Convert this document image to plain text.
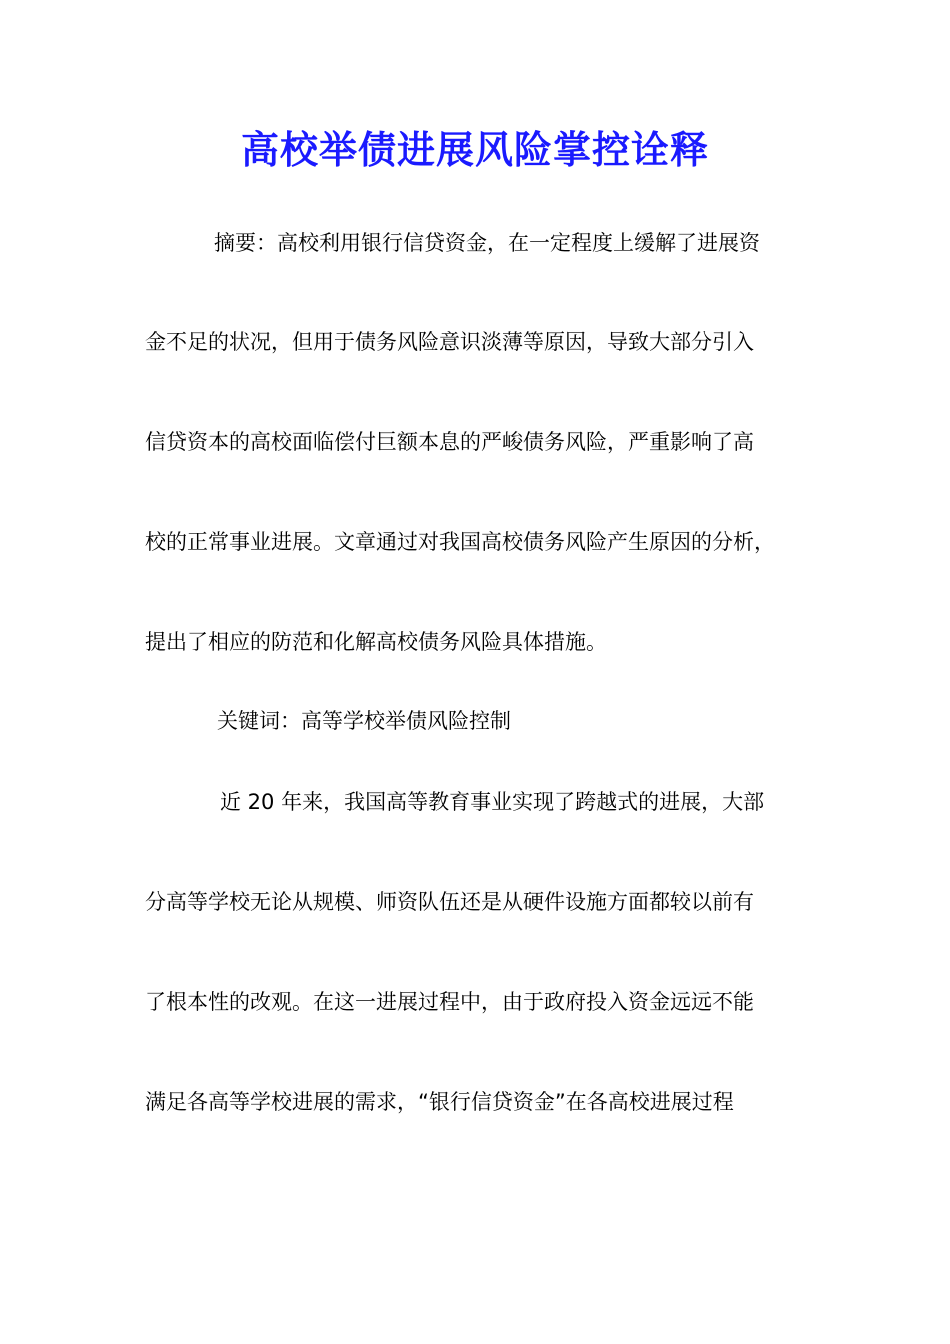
高校举债进展风险掌控诠释

摘要：高校利用银行信贷资金，在一定程度上缓解了进展资

金不足的状况，但用于债务风险意识淡薄等原因，导致大部分引入

信贷资本的高校面临偿付巨额本息的严峻债务风险，严重影响了高

校的正常事业进展。文章通过对我国高校债务风险产生原因的分析，

提出了相应的防范和化解高校债务风险具体措施。

关键词：高等学校举债风险控制

近 20 年来，我国高等教育事业实现了跨越式的进展，大部

分高等学校无论从规模、师资队伍还是从硬件设施方面都较以前有

了根本性的改观。在这一进展过程中，由于政府投入资金远远不能

满足各高等学校进展的需求，“银行信贷资金”在各高校进展过程
